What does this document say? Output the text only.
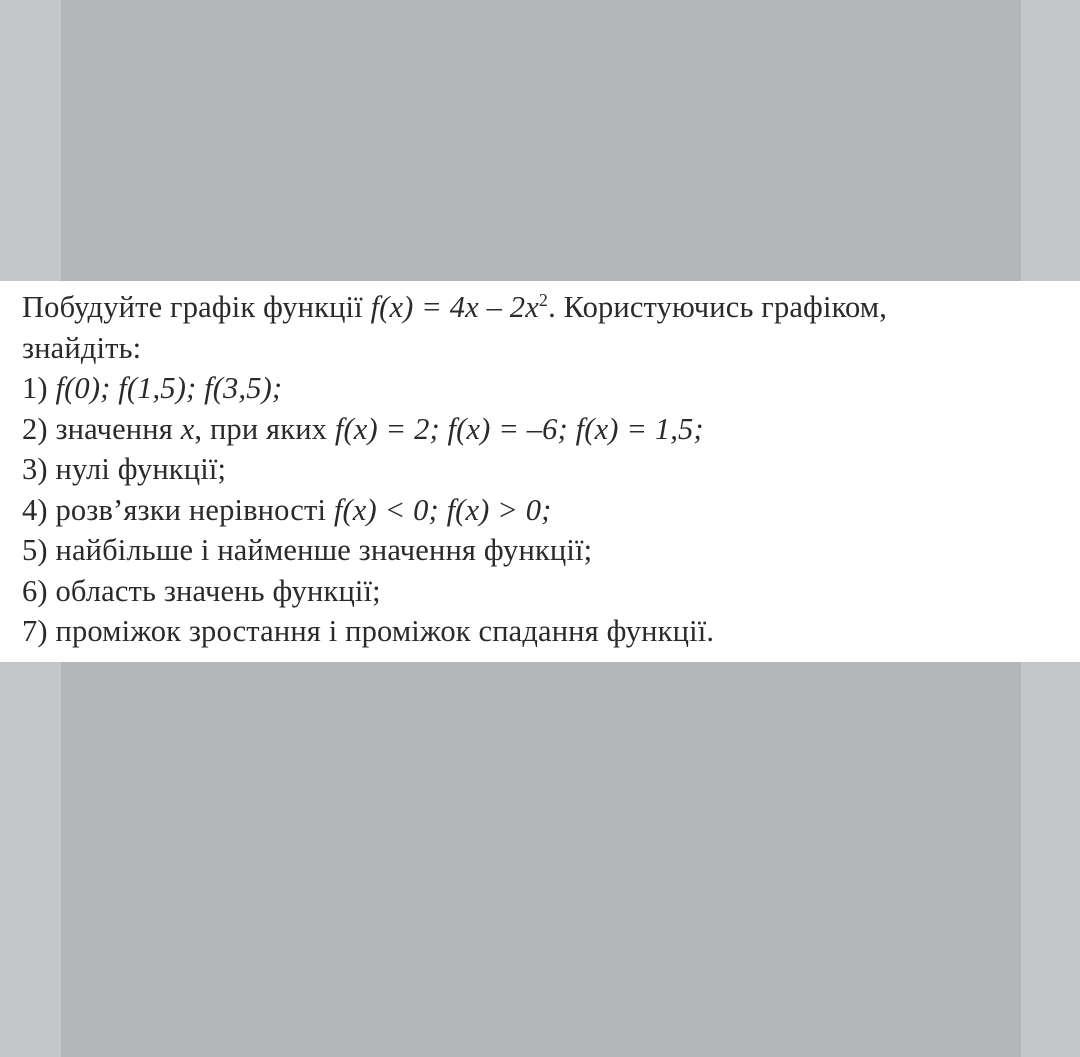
Побудуйте графік функції $f(x) = 4x - 2x^2$. Користуючись графіком,
знайдіть:
1) f(0); f(1,5); f(3,5);
2) значення x, при яких f(x) = 2; f(x) = –6; f(x) = 1,5;
3) нулі функції;
4) розв’язки нерівності f(x) < 0; f(x) > 0;
5) найбільше і найменше значення функції;
6) область значень функції;
7) проміжок зростання і проміжок спадання функції.
